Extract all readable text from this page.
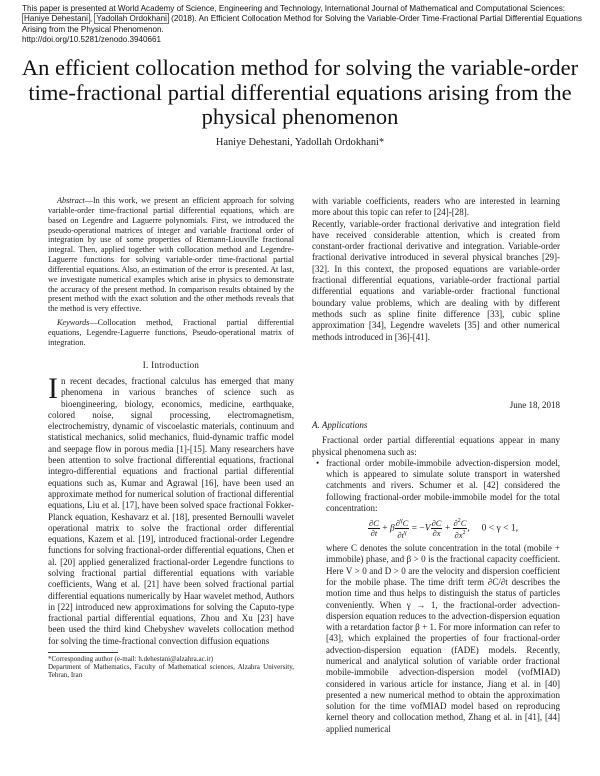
This paper is presented at World Academy of Science, Engineering and Technology, International Journal of Mathematical and Computational Sciences: Haniye Dehestani , Yadollah Ordokhani (2018). An Efficient Collocation Method for Solving the Variable-Order Time-Fractional Partial Differential Equations Arising from the Physical Phenomenon.
http://doi.org/10.5281/zenodo.3940661
An efficient collocation method for solving the variable-order time-fractional partial differential equations arising from the physical phenomenon
Haniye Dehestani, Yadollah Ordokhani*

Abstract—In this work, we present an efficient approach for solving variable-order time-fractional partial differential equations, which are based on Legendre and Laguerre polynomials. First, we introduced the pseudo-operational matrices of integer and variable fractional order of integration by use of some properties of Riemann-Liouville fractional integral. Then, applied together with collocation method and Legendre-Laguerre functions for solving variable-order time-fractional partial differential equations. Also, an estimation of the error is presented. At last, we investigate numerical examples which arise in physics to demonstrate the accuracy of the present method. In comparison results obtained by the present method with the exact solution and the other methods reveals that the method is very effective.

Keywords—Collocation method, Fractional partial differential equations, Legendre-Laguerre functions, Pseudo-operational matrix of integration.

I. Introduction

In recent decades, fractional calculus has emerged that many phenomena in various branches of science such as bioengineering, biology, economics, medicine, earthquake, colored noise, signal processing, electromagnetism, electrochemistry, dynamic of viscoelastic materials, continuum and statistical mechanics, solid mechanics, fluid-dynamic traffic model and seepage flow in porous media [1]-[15]. Many researchers have been attention to solve fractional differential equations, fractional integro-differential equations and fractional partial differential equations such as, Kumar and Agrawal [16], have been used an approximate method for numerical solution of fractional differential equations, Liu et al. [17], have been solved space fractional Fokker-Planck equation, Keshavarz et al. [18], presented Bernoulli wavelet operational matrix to solve the fractional order differential equations, Kazem et al. [19], introduced fractional-order Legendre functions for solving fractional-order differential equations, Chen et al. [20] applied generalized fractional-order Legendre functions to solving fractional partial differential equations with variable coefficients, Wang et al. [21] have been solved fractional partial differential equations numerically by Haar wavelet method, Authors in [22] introduced new approximations for solving the Caputo-type fractional partial differential equations, Zhou and Xu [23] have been used the third kind Chebyshev wavelets collocation method for solving the time-fractional convection diffusion equations

*Corresponding author (e-mail: h.dehestani@alzahra.ac.ir)

Department of Mathematics, Faculty of Mathematical sciences, Alzahra University, Tehran, Iran

with variable coefficients, readers who are interested in learning more about this topic can refer to [24]-[28].

Recently, variable-order fractional derivative and integration field have received considerable attention, which is created from constant-order fractional derivative and integration. Variable-order fractional derivative introduced in several physical branches [29]-[32]. In this context, the proposed equations are variable-order fractional differential equations, variable-order fractional partial differential equations and variable-order fractional functional boundary value problems, which are dealing with by different methods such as spline finite difference [33], cubic spline approximation [34], Legendre wavelets [35] and other numerical methods introduced in [36]-[41].

June 18, 2018

A. Applications

Fractional order partial differential equations appear in many physical phenomena such as:

• fractional order mobile-immobile advection-dispersion model, which is appeared to simulate solute transport in watershed catchments and rivers. Schumer et al. [42] considered the following fractional-order mobile-immobile model for the total concentration:
$\frac{\partial C}{\partial t} + \beta \frac{\partial^\gamma C}{\partial t^\gamma} = -V \frac{\partial C}{\partial x} + \frac{\partial^2C}{\partial x^2}$ ,     0 < γ < 1,
where C denotes the solute concentration in the total (mobile + immobile) phase, and β > 0 is the fractional capacity coefficient. Here V > 0 and D > 0 are the velocity and dispersion coefficient for the mobile phase. The time drift term ∂C/∂t describes the motion time and thus helps to distinguish the status of particles conveniently. When γ → 1, the fractional-order advection-dispersion equation reduces to the advection-dispersion equation with a retardation factor β + 1. For more information can refer to [43], which explained the properties of four fractional-order advection-dispersion equation (fADE) models. Recently, numerical and analytical solution of variable order fractional mobile-immobile advection-dispersion model (vofMIAD) considered in various article for instance, Jiang et al. in [40] presented a new numerical method to obtain the approximation solution for the time vofMIAD model based on reproducing kernel theory and collocation method, Zhang et al. in [41], [44] applied numerical
